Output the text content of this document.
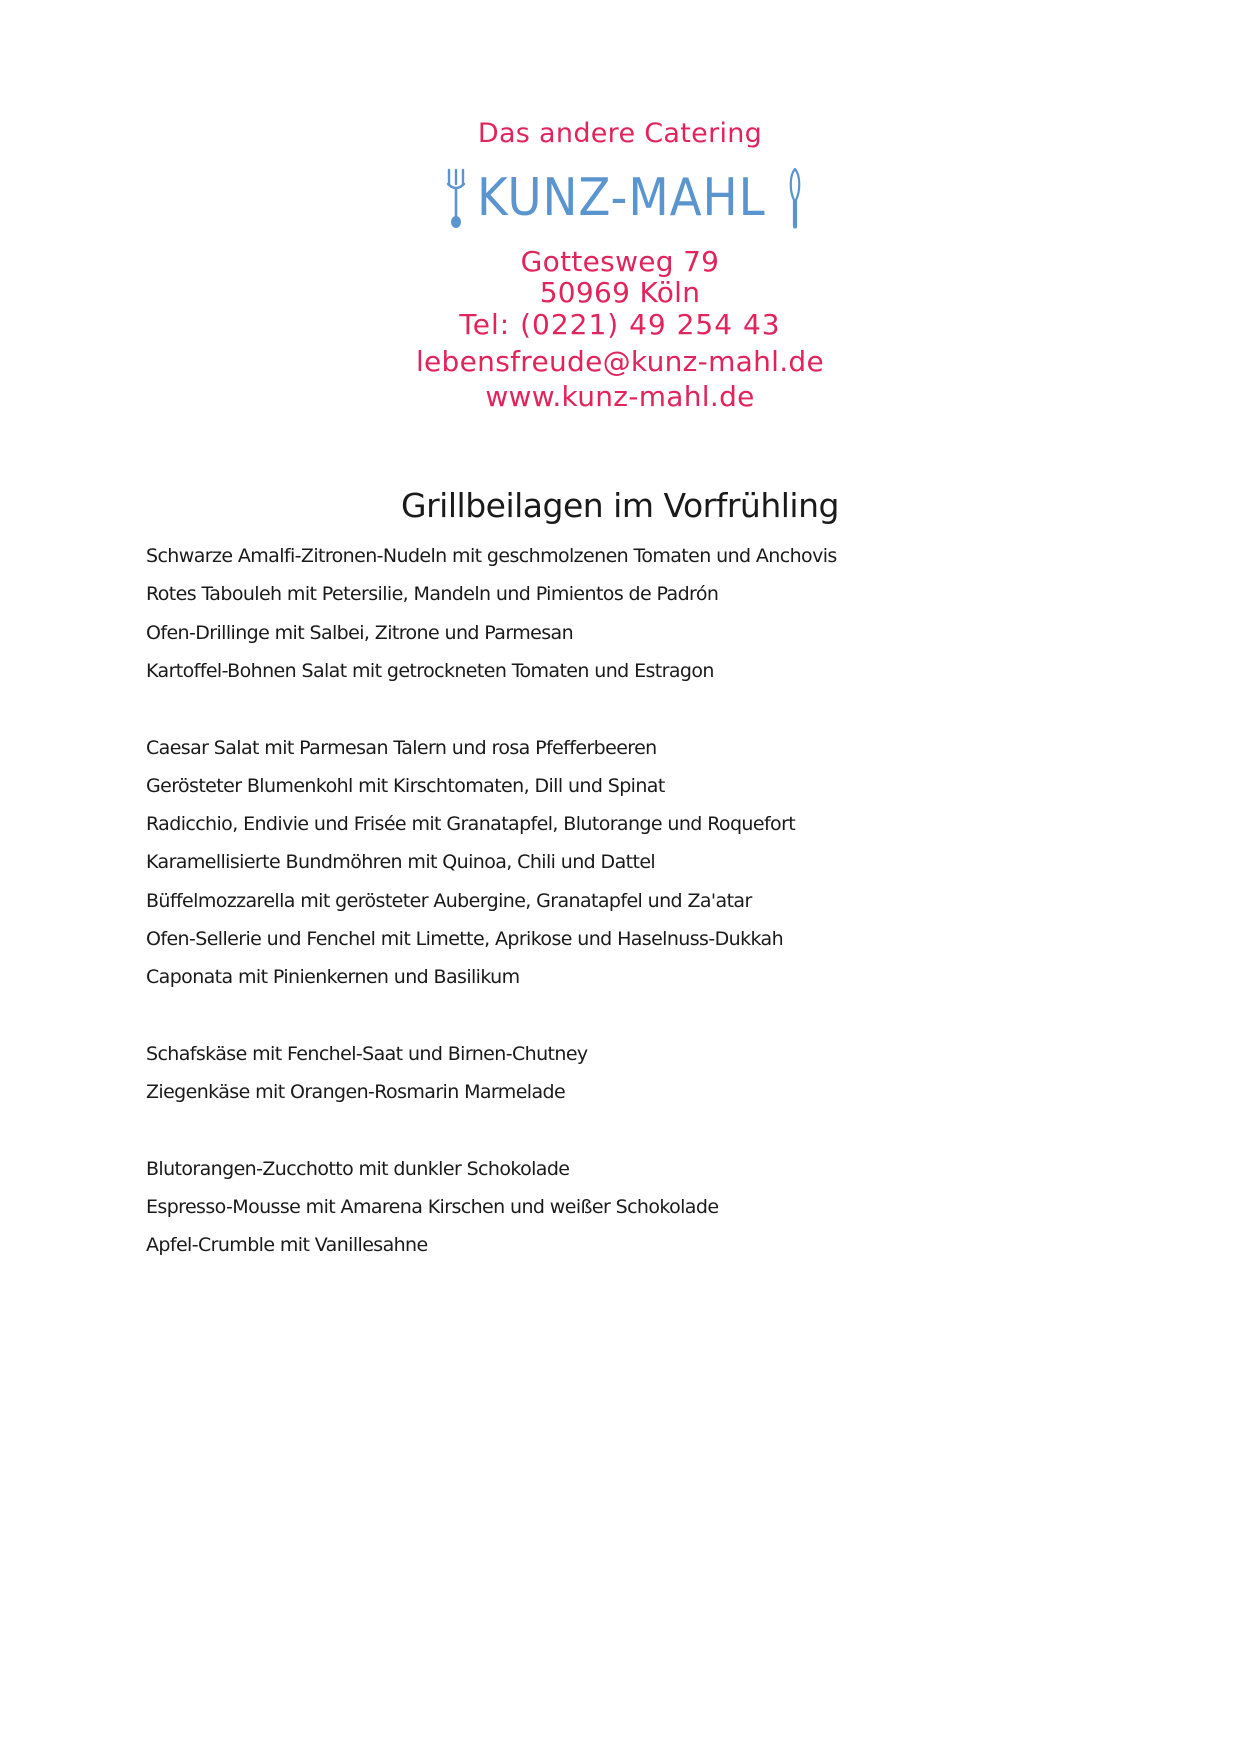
Das andere Catering
KUNZ-MAHL
Gottesweg 79
50969 Köln
Tel: (0221) 49 254 43
lebensfreude@kunz-mahl.de
www.kunz-mahl.de
Grillbeilagen im Vorfrühling
Schwarze Amalfi-Zitronen-Nudeln mit geschmolzenen Tomaten und Anchovis
Rotes Tabouleh mit Petersilie, Mandeln und Pimientos de Padrón
Ofen-Drillinge mit Salbei, Zitrone und Parmesan
Kartoffel-Bohnen Salat mit getrockneten Tomaten und Estragon
Caesar Salat mit Parmesan Talern und rosa Pfefferbeeren
Gerösteter Blumenkohl mit Kirschtomaten, Dill und Spinat
Radicchio, Endivie und Frisée mit Granatapfel, Blutorange und Roquefort
Karamellisierte Bundmöhren mit Quinoa, Chili und Dattel
Büffelmozzarella mit gerösteter Aubergine, Granatapfel und Za'atar
Ofen-Sellerie und Fenchel mit Limette, Aprikose und Haselnuss-Dukkah
Caponata mit Pinienkernen und Basilikum
Schafskäse mit Fenchel-Saat und Birnen-Chutney
Ziegenkäse mit Orangen-Rosmarin Marmelade
Blutorangen-Zucchotto mit dunkler Schokolade
Espresso-Mousse mit Amarena Kirschen und weißer Schokolade
Apfel-Crumble mit Vanillesahne
